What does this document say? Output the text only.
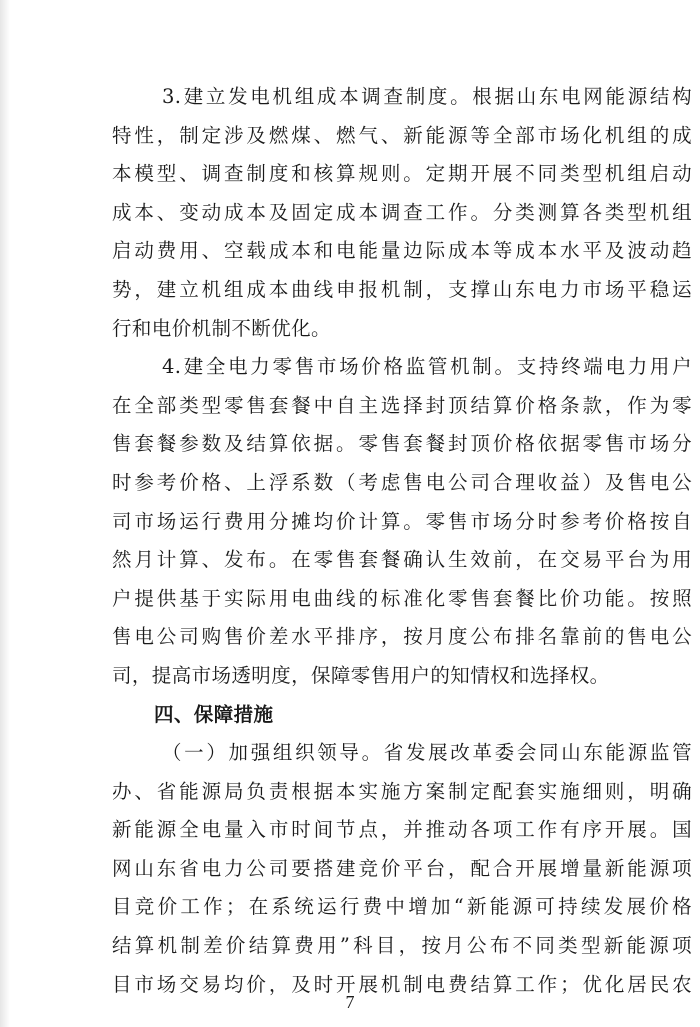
3.建立发电机组成本调查制度。根据山东电网能源结构
特性，制定涉及燃煤、燃气、新能源等全部市场化机组的成
本模型、调查制度和核算规则。定期开展不同类型机组启动
成本、变动成本及固定成本调查工作。分类测算各类型机组
启动费用、空载成本和电能量边际成本等成本水平及波动趋
势，建立机组成本曲线申报机制，支撑山东电力市场平稳运
行和电价机制不断优化。
4.建全电力零售市场价格监管机制。支持终端电力用户
在全部类型零售套餐中自主选择封顶结算价格条款，作为零
售套餐参数及结算依据。零售套餐封顶价格依据零售市场分
时参考价格、上浮系数（考虑售电公司合理收益）及售电公
司市场运行费用分摊均价计算。零售市场分时参考价格按自
然月计算、发布。在零售套餐确认生效前，在交易平台为用
户提供基于实际用电曲线的标准化零售套餐比价功能。按照
售电公司购售价差水平排序，按月度公布排名靠前的售电公
司，提高市场透明度，保障零售用户的知情权和选择权。
四、保障措施
（一）加强组织领导。省发展改革委会同山东能源监管
办、省能源局负责根据本实施方案制定配套实施细则，明确
新能源全电量入市时间节点，并推动各项工作有序开展。国
网山东省电力公司要搭建竞价平台，配合开展增量新能源项
目竞价工作；在系统运行费中增加“新能源可持续发展价格
结算机制差价结算费用”科目，按月公布不同类型新能源项
目市场交易均价，及时开展机制电费结算工作；优化居民农
7
